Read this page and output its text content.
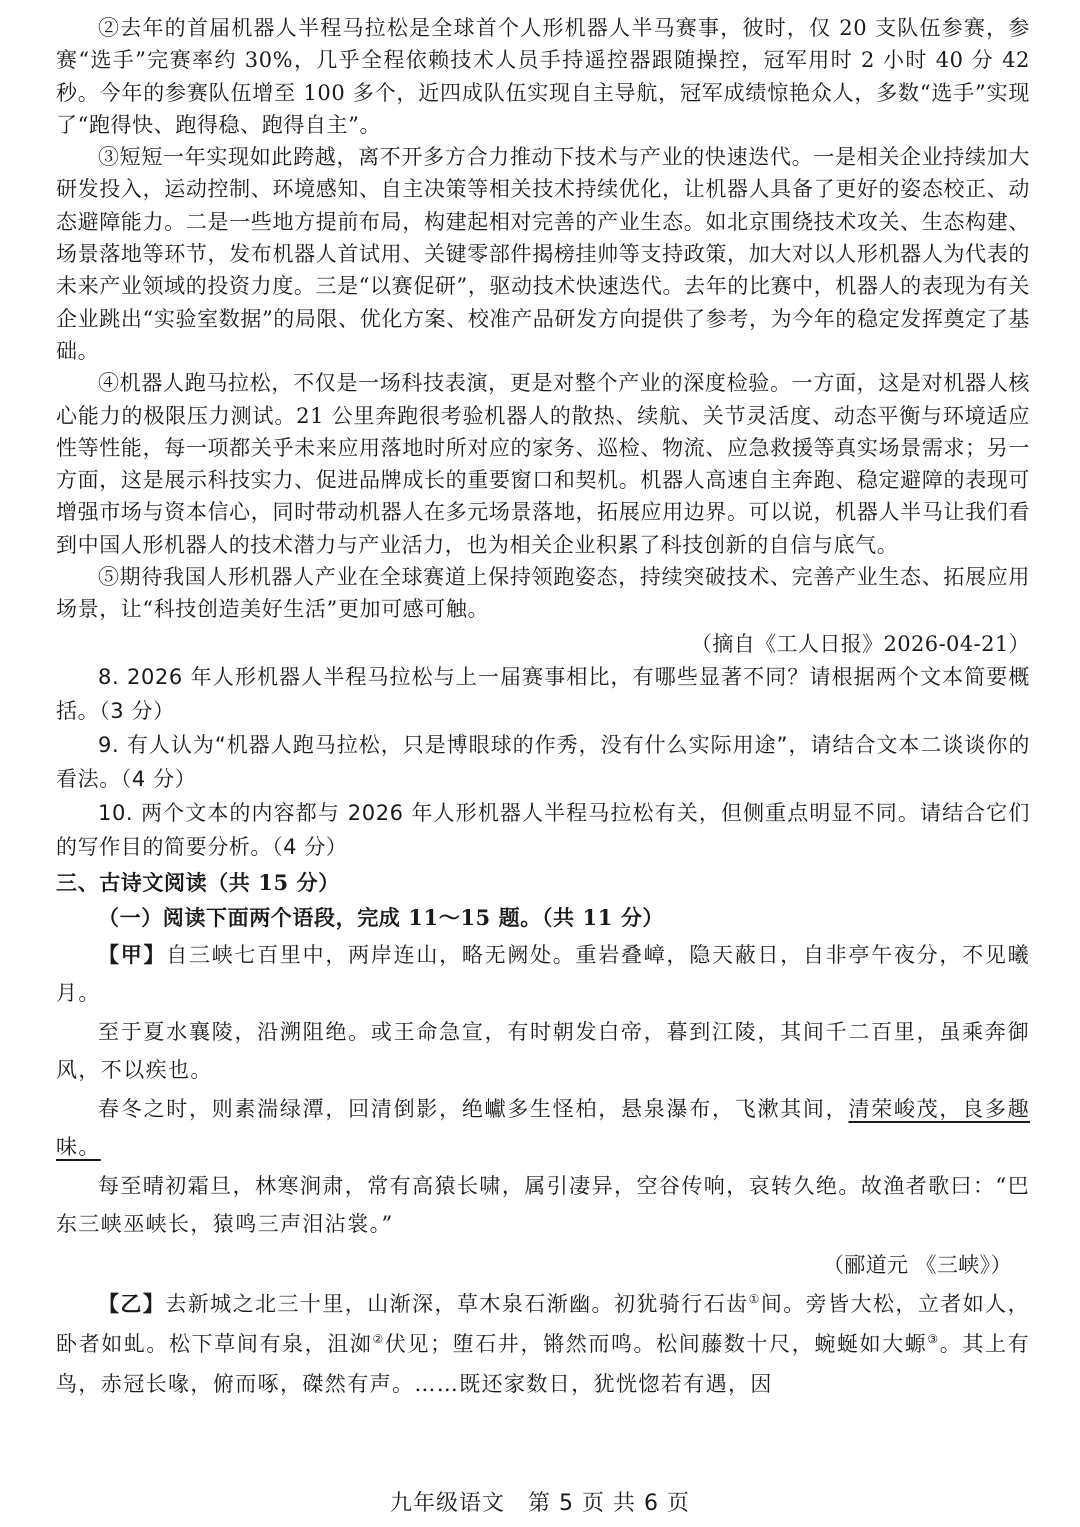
②去年的首届机器人半程马拉松是全球首个人形机器人半马赛事，彼时，仅 20 支队伍参赛，参赛“选手”完赛率约 30%，几乎全程依赖技术人员手持遥控器跟随操控，冠军用时 2 小时 40 分 42 秒。今年的参赛队伍增至 100 多个，近四成队伍实现自主导航，冠军成绩惊艳众人，多数“选手”实现了“跑得快、跑得稳、跑得自主”。

③短短一年实现如此跨越，离不开多方合力推动下技术与产业的快速迭代。一是相关企业持续加大研发投入，运动控制、环境感知、自主决策等相关技术持续优化，让机器人具备了更好的姿态校正、动态避障能力。二是一些地方提前布局，构建起相对完善的产业生态。如北京围绕技术攻关、生态构建、场景落地等环节，发布机器人首试用、关键零部件揭榜挂帅等支持政策，加大对以人形机器人为代表的未来产业领域的投资力度。三是“以赛促研”，驱动技术快速迭代。去年的比赛中，机器人的表现为有关企业跳出“实验室数据”的局限、优化方案、校准产品研发方向提供了参考，为今年的稳定发挥奠定了基础。

④机器人跑马拉松，不仅是一场科技表演，更是对整个产业的深度检验。一方面，这是对机器人核心能力的极限压力测试。21 公里奔跑很考验机器人的散热、续航、关节灵活度、动态平衡与环境适应性等性能，每一项都关乎未来应用落地时所对应的家务、巡检、物流、应急救援等真实场景需求；另一方面，这是展示科技实力、促进品牌成长的重要窗口和契机。机器人高速自主奔跑、稳定避障的表现可增强市场与资本信心，同时带动机器人在多元场景落地，拓展应用边界。可以说，机器人半马让我们看到中国人形机器人的技术潜力与产业活力，也为相关企业积累了科技创新的自信与底气。

⑤期待我国人形机器人产业在全球赛道上保持领跑姿态，持续突破技术、完善产业生态、拓展应用场景，让“科技创造美好生活”更加可感可触。

（摘自《工人日报》2026-04-21）

8. 2026 年人形机器人半程马拉松与上一届赛事相比，有哪些显著不同？请根据两个文本简要概括。（3 分）

9. 有人认为“机器人跑马拉松，只是博眼球的作秀，没有什么实际用途”，请结合文本二谈谈你的看法。（4 分）

10. 两个文本的内容都与 2026 年人形机器人半程马拉松有关，但侧重点明显不同。请结合它们的写作目的简要分析。（4 分）

三、古诗文阅读（共 15 分）

（一）阅读下面两个语段，完成 11～15 题。（共 11 分）

【甲】自三峡七百里中，两岸连山，略无阙处。重岩叠嶂，隐天蔽日，自非亭午夜分，不见曦月。

至于夏水襄陵，沿溯阻绝。或王命急宣，有时朝发白帝，暮到江陵，其间千二百里，虽乘奔御风，不以疾也。

春冬之时，则素湍绿潭，回清倒影，绝巘多生怪柏，悬泉瀑布，飞漱其间，清荣峻茂，良多趣味。

每至晴初霜旦，林寒涧肃，常有高猿长啸，属引凄异，空谷传响，哀转久绝。故渔者歌曰：“巴东三峡巫峡长，猿鸣三声泪沾裳。”

（郦道元 《三峡》）

【乙】去新城之北三十里，山渐深，草木泉石渐幽。初犹骑行石齿①间。旁皆大松，立者如人，卧者如虬。松下草间有泉，沮洳②伏见；堕石井，锵然而鸣。松间藤数十尺，蜿蜒如大螈③。其上有鸟，赤冠长喙，俯而啄，磔然有声。……既还家数日，犹恍惚若有遇，因

九年级语文　第 5 页 共 6 页
